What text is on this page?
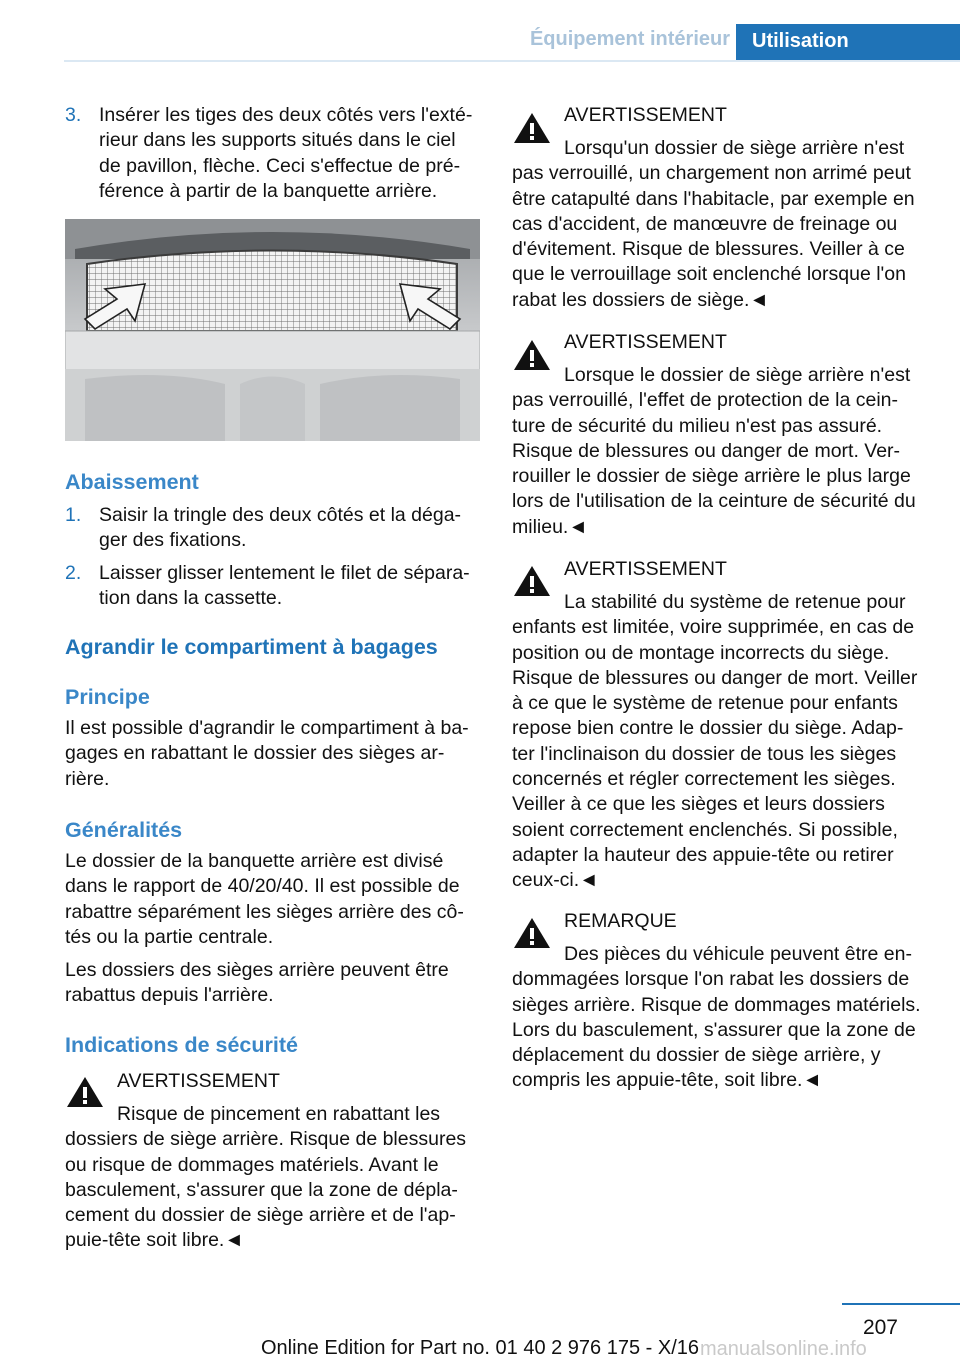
Équipement intérieur	Utilisation
3. Insérer les tiges des deux côtés vers l'exté-
rieur dans les supports situés dans le ciel
de pavillon, flèche. Ceci s'effectue de pré-
férence à partir de la banquette arrière.
Abaissement
1. Saisir la tringle des deux côtés et la déga-
ger des fixations.
2. Laisser glisser lentement le filet de sépara-
tion dans la cassette.
Agrandir le compartiment à bagages
Principe
Il est possible d'agrandir le compartiment à ba-
gages en rabattant le dossier des sièges ar-
rière.
Généralités
Le dossier de la banquette arrière est divisé
dans le rapport de 40/20/40. Il est possible de
rabattre séparément les sièges arrière des cô-
tés ou la partie centrale.
Les dossiers des sièges arrière peuvent être
rabattus depuis l'arrière.
Indications de sécurité
AVERTISSEMENT
Risque de pincement en rabattant les
dossiers de siège arrière. Risque de blessures
ou risque de dommages matériels. Avant le
basculement, s'assurer que la zone de dépla-
cement du dossier de siège arrière et de l'ap-
puie-tête soit libre.◄
AVERTISSEMENT
Lorsqu'un dossier de siège arrière n'est
pas verrouillé, un chargement non arrimé peut
être catapulté dans l'habitacle, par exemple en
cas d'accident, de manœuvre de freinage ou
d'évitement. Risque de blessures. Veiller à ce
que le verrouillage soit enclenché lorsque l'on
rabat les dossiers de siège.◄
AVERTISSEMENT
Lorsque le dossier de siège arrière n'est
pas verrouillé, l'effet de protection de la cein-
ture de sécurité du milieu n'est pas assuré.
Risque de blessures ou danger de mort. Ver-
rouiller le dossier de siège arrière le plus large
lors de l'utilisation de la ceinture de sécurité du
milieu.◄
AVERTISSEMENT
La stabilité du système de retenue pour
enfants est limitée, voire supprimée, en cas de
position ou de montage incorrects du siège.
Risque de blessures ou danger de mort. Veiller
à ce que le système de retenue pour enfants
repose bien contre le dossier du siège. Adap-
ter l'inclinaison du dossier de tous les sièges
concernés et régler correctement les sièges.
Veiller à ce que les sièges et leurs dossiers
soient correctement enclenchés. Si possible,
adapter la hauteur des appuie-tête ou retirer
ceux-ci.◄
REMARQUE
Des pièces du véhicule peuvent être en-
dommagées lorsque l'on rabat les dossiers de
sièges arrière. Risque de dommages matériels.
Lors du basculement, s'assurer que la zone de
déplacement du dossier de siège arrière, y
compris les appuie-tête, soit libre.◄
207
Online Edition for Part no. 01 40 2 976 175 - X/16 manualsonline.info
